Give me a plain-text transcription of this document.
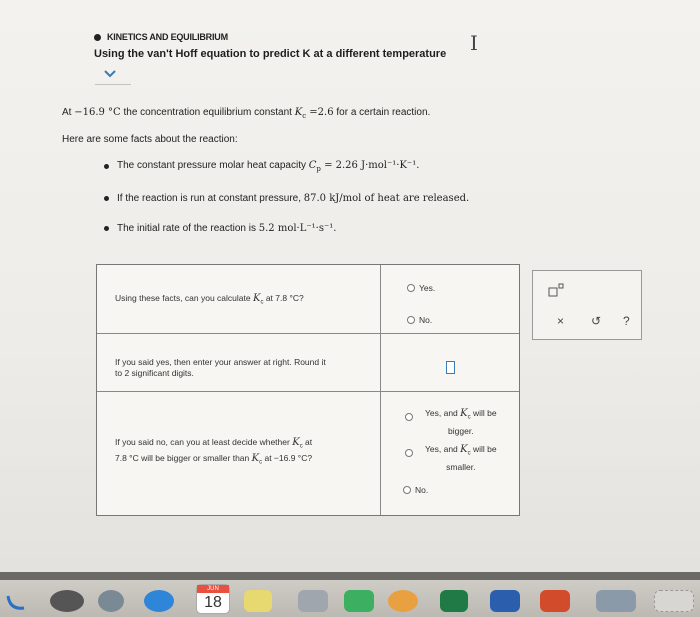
KINETICS AND EQUILIBRIUM
Using the van't Hoff equation to predict K at a different temperature I
At −16.9 °C the concentration equilibrium constant $K_c =2.6$ for a certain reaction.
Here are some facts about the reaction:
The constant pressure molar heat capacity $C_p = 2.26$ J·mol⁻¹·K⁻¹.
If the reaction is run at constant pressure, 87.0 kJ/mol of heat are released.
The initial rate of the reaction is 5.2 mol·L⁻¹·s⁻¹.
Using these facts, can you calculate $K_c$ at 7.8 °C?
Yes.
No.
If you said yes, then enter your answer at right. Round it
to 2 significant digits.
If you said no, can you at least decide whether $K_c$ at
7.8 °C will be bigger or smaller than $K_c$ at −16.9 °C?
Yes, and $K_c$ will be
bigger.
Yes, and $K_c$ will be
smaller.
No.
× ↺ ?
JUN
18
